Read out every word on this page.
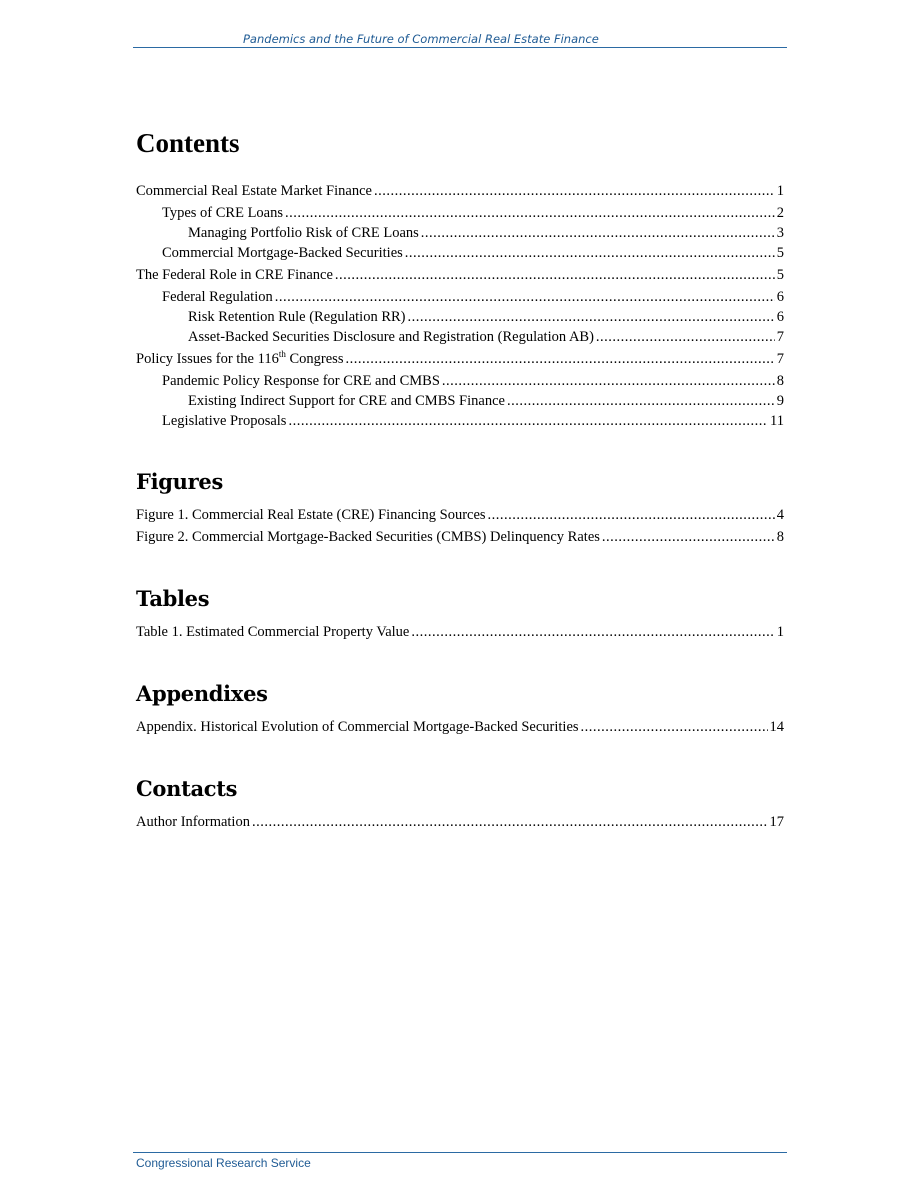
Pandemics and the Future of Commercial Real Estate Finance
Contents
Commercial Real Estate Market Finance .....	1
Types of CRE Loans .....	2
Managing Portfolio Risk of CRE Loans .....	3
Commercial Mortgage-Backed Securities .....	5
The Federal Role in CRE Finance .....	5
Federal Regulation .....	6
Risk Retention Rule (Regulation RR) .....	6
Asset-Backed Securities Disclosure and Registration (Regulation AB) .....	7
Policy Issues for the 116th Congress .....	7
Pandemic Policy Response for CRE and CMBS .....	8
Existing Indirect Support for CRE and CMBS Finance .....	9
Legislative Proposals .....	11
Figures
Figure 1. Commercial Real Estate (CRE) Financing Sources .....	4
Figure 2. Commercial Mortgage-Backed Securities (CMBS) Delinquency Rates .....	8
Tables
Table 1. Estimated Commercial Property Value .....	1
Appendixes
Appendix. Historical Evolution of Commercial Mortgage-Backed Securities .....	14
Contacts
Author Information .....	17
Congressional Research Service
